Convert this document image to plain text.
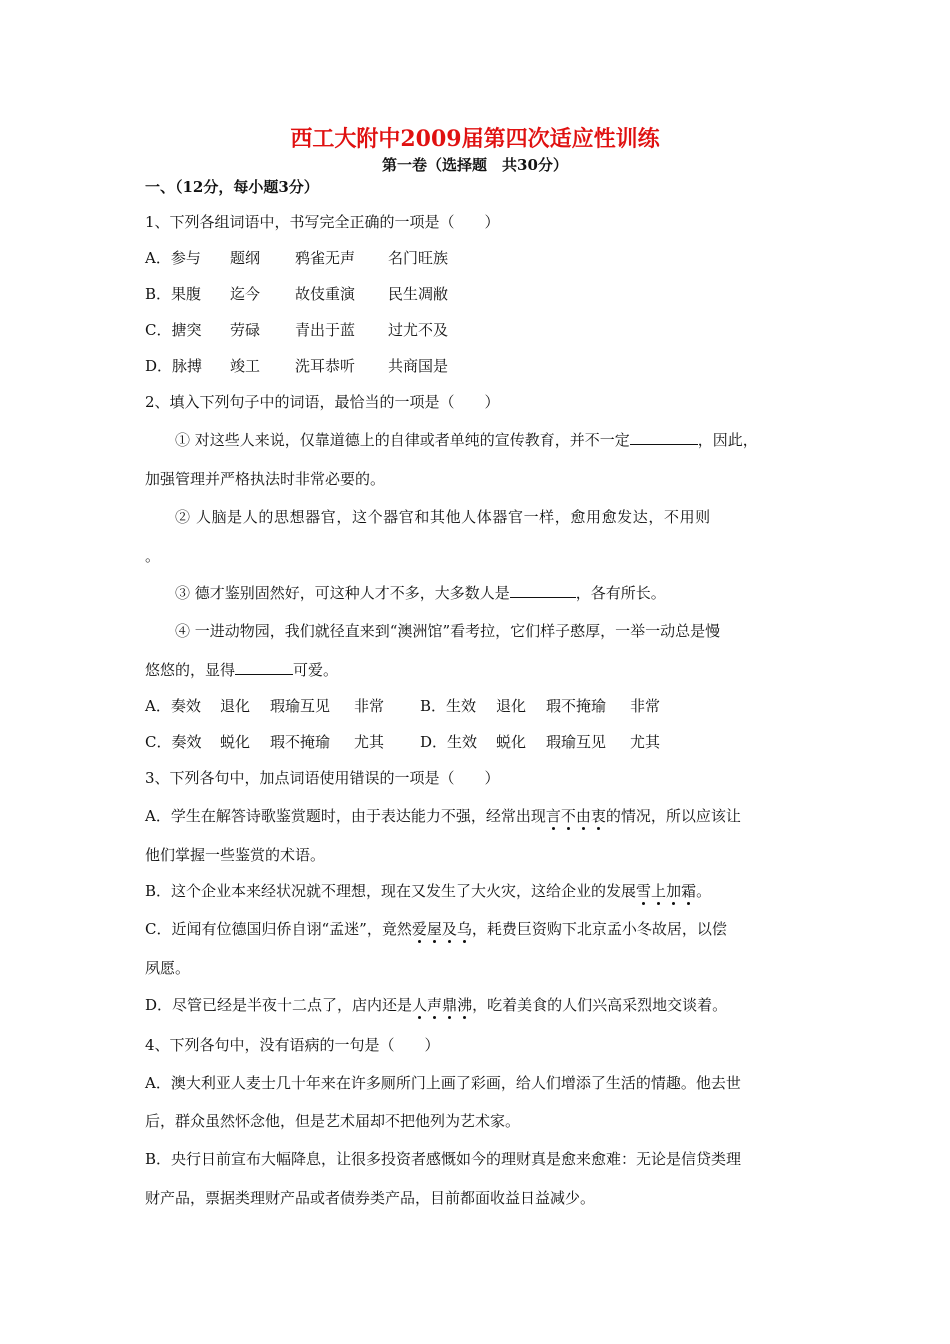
西工大附中2009届第四次适应性训练
第一卷（选择题　共30分）
一、（12分，每小题3分）
1、下列各组词语中，书写完全正确的一项是（　　）
A．参与 题纲 鸦雀无声 名门旺族
B．果腹 迄今 故伎重演 民生凋敝
C．搪突 劳碌 青出于蓝 过尤不及
D．脉搏 竣工 洗耳恭听 共商国是
2、填入下列句子中的词语，最恰当的一项是（　　）
① 对这些人来说，仅靠道德上的自律或者单纯的宣传教育，并不一定	，因此，
加强管理并严格执法时非常必要的。
② 人脑是人的思想器官，这个器官和其他人体器官一样，愈用愈发达，不用则
。
③ 德才鉴别固然好，可这种人才不多，大多数人是	，各有所长。
④ 一进动物园，我们就径直来到“澳洲馆”看考拉，它们样子憨厚，一举一动总是慢
悠悠的，显得	可爱。
A．奏效 退化 瑕瑜互见 非常 B．生效 退化 瑕不掩瑜 非常
C．奏效 蜕化 瑕不掩瑜 尤其 D．生效 蜕化 瑕瑜互见 尤其
3、下列各句中，加点词语使用错误的一项是（　　）
A．学生在解答诗歌鉴赏题时，由于表达能力不强，经常出现言不由衷的情况，所以应该让
他们掌握一些鉴赏的术语。
B．这个企业本来经状况就不理想，现在又发生了大火灾，这给企业的发展雪上加霜。
C．近闻有位德国归侨自诩“孟迷”，竟然爱屋及乌，耗费巨资购下北京孟小冬故居，以偿
夙愿。
D．尽管已经是半夜十二点了，店内还是人声鼎沸，吃着美食的人们兴高采烈地交谈着。
4、下列各句中，没有语病的一句是（　　）
A．澳大利亚人麦士几十年来在许多厕所门上画了彩画，给人们增添了生活的情趣。他去世
后，群众虽然怀念他，但是艺术届却不把他列为艺术家。
B．央行日前宣布大幅降息，让很多投资者感慨如今的理财真是愈来愈难：无论是信贷类理
财产品，票据类理财产品或者债券类产品，目前都面收益日益减少。
